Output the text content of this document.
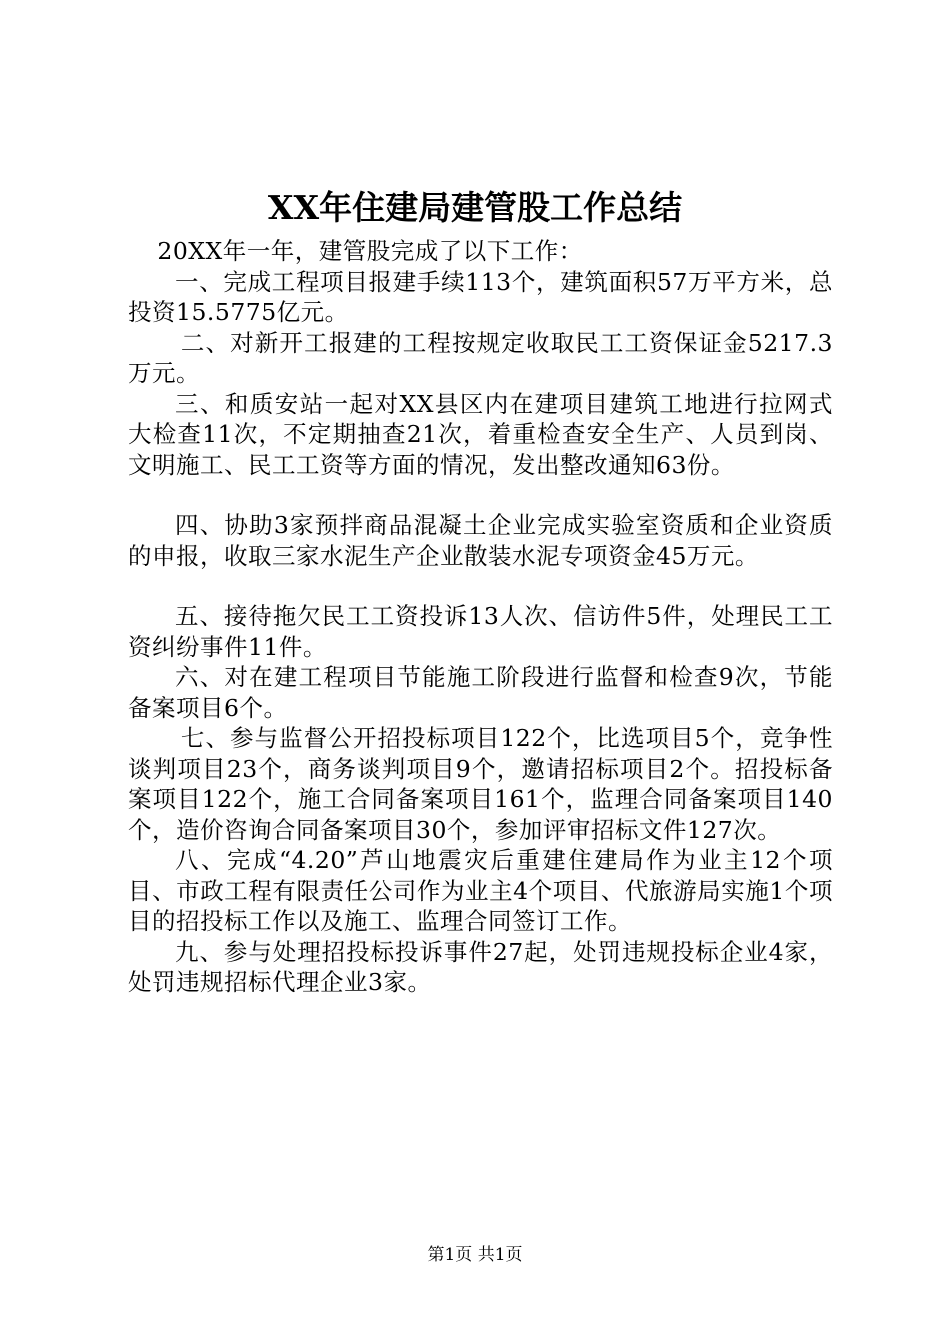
XX年住建局建管股工作总结

20XX年一年，建管股完成了以下工作：

一、完成工程项目报建手续113个，建筑面积57万平方米，总投资15.5775亿元。

二、对新开工报建的工程按规定收取民工工资保证金5217.3万元。

三、和质安站一起对XX县区内在建项目建筑工地进行拉网式大检查11次，不定期抽查21次，着重检查安全生产、人员到岗、文明施工、民工工资等方面的情况，发出整改通知63份。

四、协助3家预拌商品混凝土企业完成实验室资质和企业资质的申报，收取三家水泥生产企业散装水泥专项资金45万元。

五、接待拖欠民工工资投诉13人次、信访件5件，处理民工工资纠纷事件11件。

六、对在建工程项目节能施工阶段进行监督和检查9次，节能备案项目6个。

七、参与监督公开招投标项目122个，比选项目5个，竞争性谈判项目23个，商务谈判项目9个，邀请招标项目2个。招投标备案项目122个，施工合同备案项目161个，监理合同备案项目140个，造价咨询合同备案项目30个，参加评审招标文件127次。

八、完成“4.20”芦山地震灾后重建住建局作为业主12个项目、市政工程有限责任公司作为业主4个项目、代旅游局实施1个项目的招投标工作以及施工、监理合同签订工作。

九、参与处理招投标投诉事件27起，处罚违规投标企业4家，处罚违规招标代理企业3家。

第1页 共1页
